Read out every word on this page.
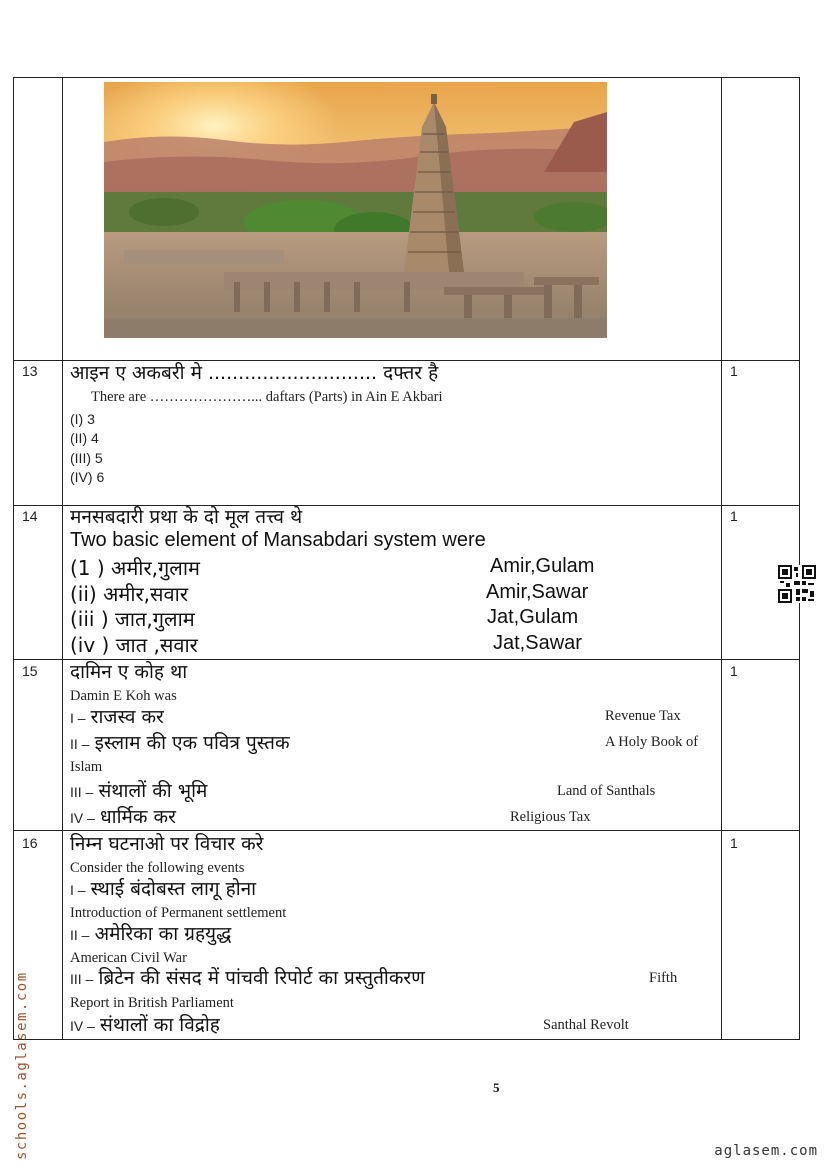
13	1
आइन ए अकबरी मे ............................ दफ्तर है
There are …………………... daftars (Parts) in Ain E Akbari
(I) 3
(II) 4
(III) 5
(IV) 6
14	1
मनसबदारी प्रथा के दो मूल तत्त्व थे
Two basic element of Mansabdari system were
(1 ) अमीर,गुलाम	Amir,Gulam
(ii) अमीर,सवार	Amir,Sawar
(iii ) जात,गुलाम	Jat,Gulam
(iv ) जात ,सवार	Jat,Sawar
15	1
दामिन ए कोह था
Damin E Koh was
I – राजस्व कर	Revenue Tax
II – इस्लाम की एक पवित्र पुस्तक	A Holy Book of
Islam
III – संथालों की भूमि	Land of Santhals
IV – धार्मिक कर	Religious Tax
16	1
निम्न घटनाओ पर विचार करे
Consider the following events
I – स्थाई बंदोबस्त लागू होना
Introduction of Permanent settlement
II – अमेरिका का ग्रहयुद्ध
American Civil War
III – ब्रिटेन की संसद में पांचवी रिपोर्ट का प्रस्तुतीकरण	Fifth
Report in British Parliament
IV – संथालों का विद्रोह	Santhal Revolt
5
schools.aglasem.com	aglasem.com
